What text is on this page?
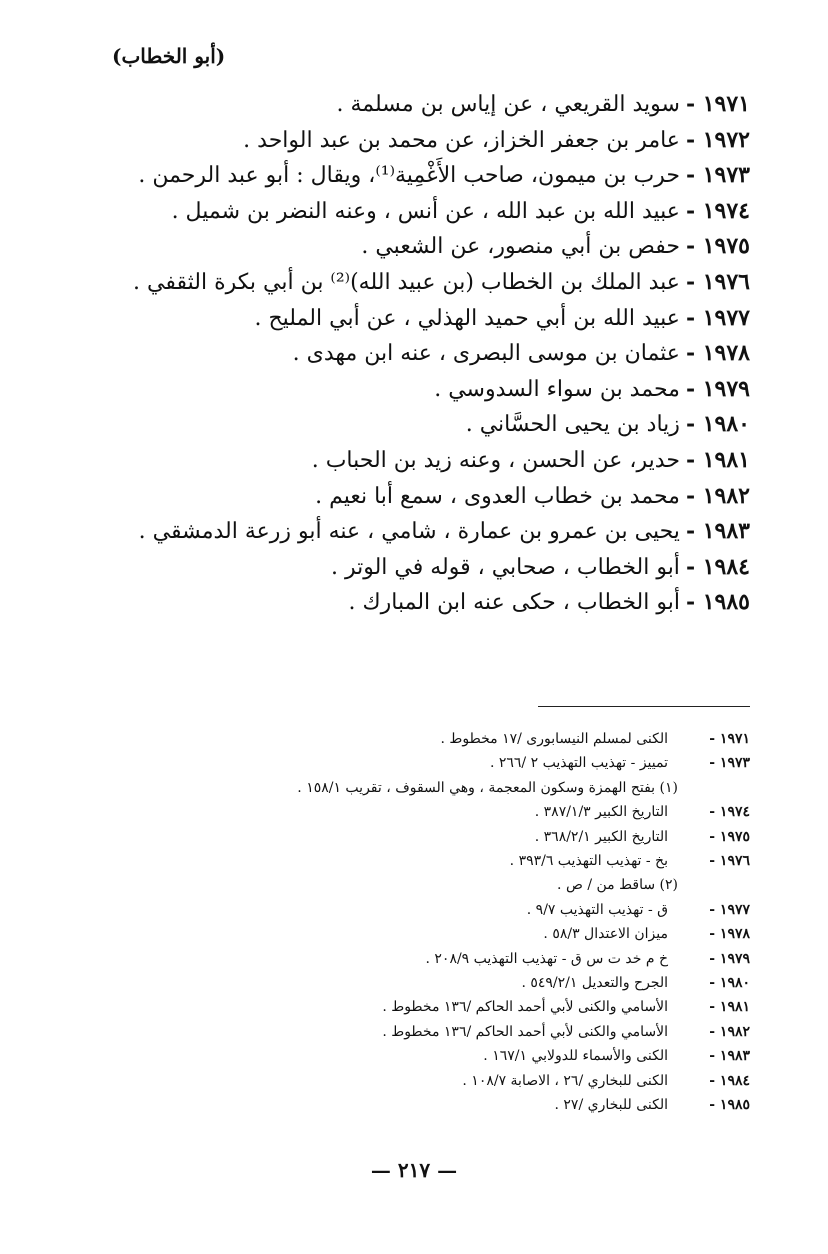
(أبو الخطاب)
١٩٧١ -سويد القريعي ، عن إياس بن مسلمة .
١٩٧٢ -عامر بن جعفر الخزاز، عن محمد بن عبد الواحد .
١٩٧٣ -حرب بن ميمون، صاحب الأَغْمِية⁽¹⁾، ويقال : أبو عبد الرحمن .
١٩٧٤ -عبيد الله بن عبد الله ، عن أنس ، وعنه النضر بن شميل .
١٩٧٥ -حفص بن أبي منصور، عن الشعبي .
١٩٧٦ -عبد الملك بن الخطاب (بن عبيد الله)⁽²⁾ بن أبي بكرة الثقفي .
١٩٧٧ -عبيد الله بن أبي حميد الهذلي ، عن أبي المليح .
١٩٧٨ -عثمان بن موسى البصرى ، عنه ابن مهدى .
١٩٧٩ -محمد بن سواء السدوسي .
١٩٨٠ -زياد بن يحيى الحسَّاني .
١٩٨١ -حدير، عن الحسن ، وعنه زيد بن الحباب .
١٩٨٢ -محمد بن خطاب العدوى ، سمع أبا نعيم .
١٩٨٣ -يحيى بن عمرو بن عمارة ، شامي ، عنه أبو زرعة الدمشقي .
١٩٨٤ -أبو الخطاب ، صحابي ، قوله في الوتر .
١٩٨٥ -أبو الخطاب ، حكى عنه ابن المبارك .
١٩٧١ -
الكنى لمسلم النيسابورى /١٧ مخطوط .
١٩٧٣ -
تمييز - تهذيب التهذيب ٢ /٢٦٦ .
(١) بفتح الهمزة وسكون المعجمة ، وهي السقوف ، تقريب ١٥٨/١ .
١٩٧٤ -
التاريخ الكبير ٣٨٧/١/٣ .
١٩٧٥ -
التاريخ الكبير ٣٦٨/٢/١ .
١٩٧٦ -
بخ - تهذيب التهذيب ٣٩٣/٦ .
(٢) ساقط من / ص .
١٩٧٧ -
ق - تهذيب التهذيب ٩/٧ .
١٩٧٨ -
ميزان الاعتدال ٥٨/٣ .
١٩٧٩ -
خ م خد ت س ق - تهذيب التهذيب ٢٠٨/٩ .
١٩٨٠ -
الجرح والتعديل ٥٤٩/٢/١ .
١٩٨١ -
الأسامي والكنى لأبي أحمد الحاكم /١٣٦ مخطوط .
١٩٨٢ -
الأسامي والكنى لأبي أحمد الحاكم /١٣٦ مخطوط .
١٩٨٣ -
الكنى والأسماء للدولابي ١٦٧/١ .
١٩٨٤ -
الكنى للبخاري /٢٦ ، الاصابة ١٠٨/٧ .
١٩٨٥ -
الكنى للبخاري /٢٧ .
— ٢١٧ —
